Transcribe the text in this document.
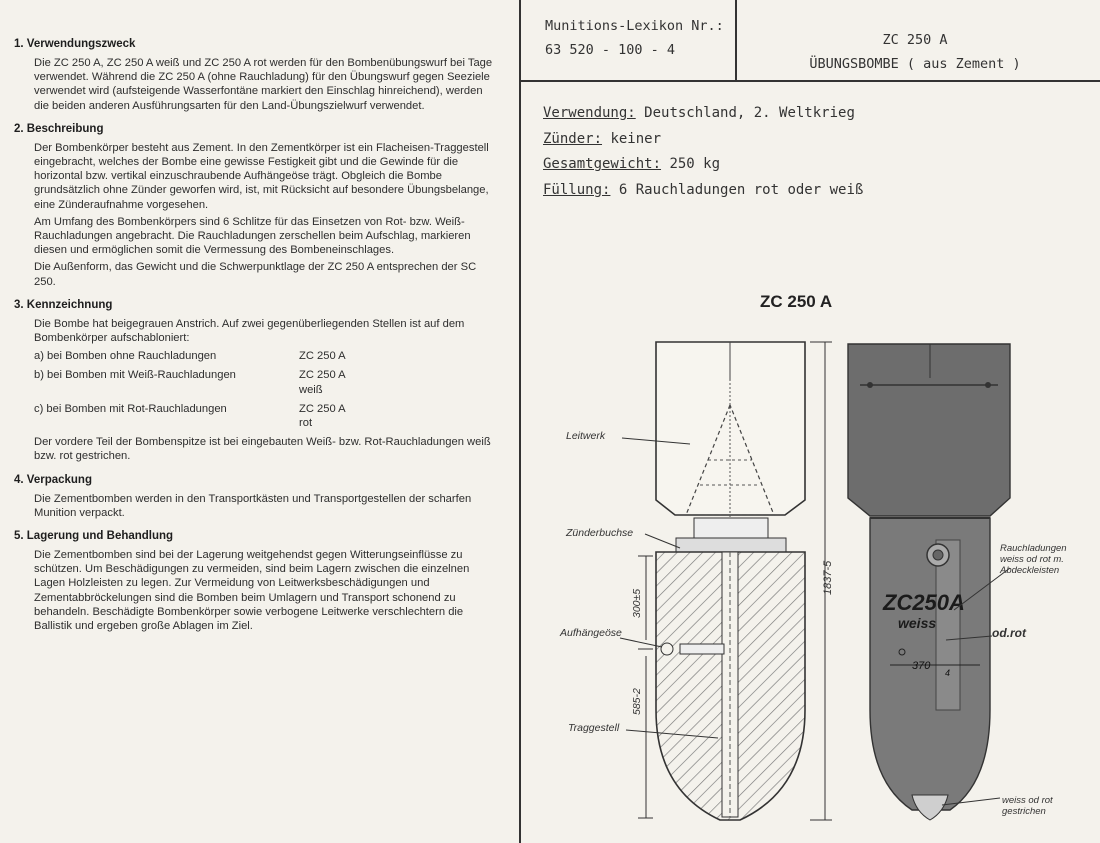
1. Verwendungszweck

Die ZC 250 A, ZC 250 A weiß und ZC 250 A rot werden für den Bombenübungswurf bei Tage verwendet. Während die ZC 250 A (ohne Rauchladung) für den Übungswurf gegen Seeziele verwendet wird (aufsteigende Wasserfontäne markiert den Einschlag hinreichend), werden die beiden anderen Ausführungsarten für den Land-Übungszielwurf verwendet.

2. Beschreibung

Der Bombenkörper besteht aus Zement. In den Zementkörper ist ein Flacheisen-Traggestell eingebracht, welches der Bombe eine gewisse Festigkeit gibt und die Gewinde für die horizontal bzw. vertikal einzuschraubende Aufhängeöse trägt. Obgleich die Bombe grundsätzlich ohne Zünder geworfen wird, ist, mit Rücksicht auf besondere Übungsbelange, eine Zünderaufnahme vorgesehen.

Am Umfang des Bombenkörpers sind 6 Schlitze für das Einsetzen von Rot- bzw. Weiß-Rauchladungen angebracht. Die Rauchladungen zerschellen beim Aufschlag, markieren diesen und ermöglichen somit die Vermessung des Bombeneinschlages.

Die Außenform, das Gewicht und die Schwerpunktlage der ZC 250 A entsprechen der SC 250.

3. Kennzeichnung

Die Bombe hat beigegrauen Anstrich. Auf zwei gegenüberliegenden Stellen ist auf dem Bombenkörper aufschabloniert:

a) bei Bomben ohne Rauchladungen	ZC 250 A
b) bei Bomben mit Weiß-Rauchladungen	ZC 250 A
weiß
c) bei Bomben mit Rot-Rauchladungen	ZC 250 A
rot

Der vordere Teil der Bombenspitze ist bei eingebauten Weiß- bzw. Rot-Rauchladungen weiß bzw. rot gestrichen.

4. Verpackung

Die Zementbomben werden in den Transportkästen und Transportgestellen der scharfen Munition verpackt.

5. Lagerung und Behandlung

Die Zementbomben sind bei der Lagerung weitgehendst gegen Witterungseinflüsse zu schützen. Um Beschädigungen zu vermeiden, sind beim Lagern zwischen die einzelnen Lagen Holzleisten zu legen. Zur Vermeidung von Leitwerksbeschädigungen und Zementabbröckelungen sind die Bomben beim Umlagern und Transport schonend zu behandeln. Beschädigte Bombenkörper sowie verbogene Leitwerke verschlechtern die Ballistik und ergeben große Ablagen im Ziel.

Munitions-Lexikon Nr.:
63 520 - 100 - 4
ZC 250 A
ÜBUNGSBOMBE ( aus Zement )
Verwendung: Deutschland, 2. Weltkrieg
Zünder: keiner
Gesamtgewicht: 250 kg
Füllung: 6 Rauchladungen rot oder weiß
ZC 250 A
1837-5
300±5
585-2
370
4
ZC250A
weiss
Leitwerk
Zünderbuchse
Aufhängeöse
Traggestell
Rauchladungen weiss od rot m. Abdeckleisten
od.rot
weiss od rot gestrichen
